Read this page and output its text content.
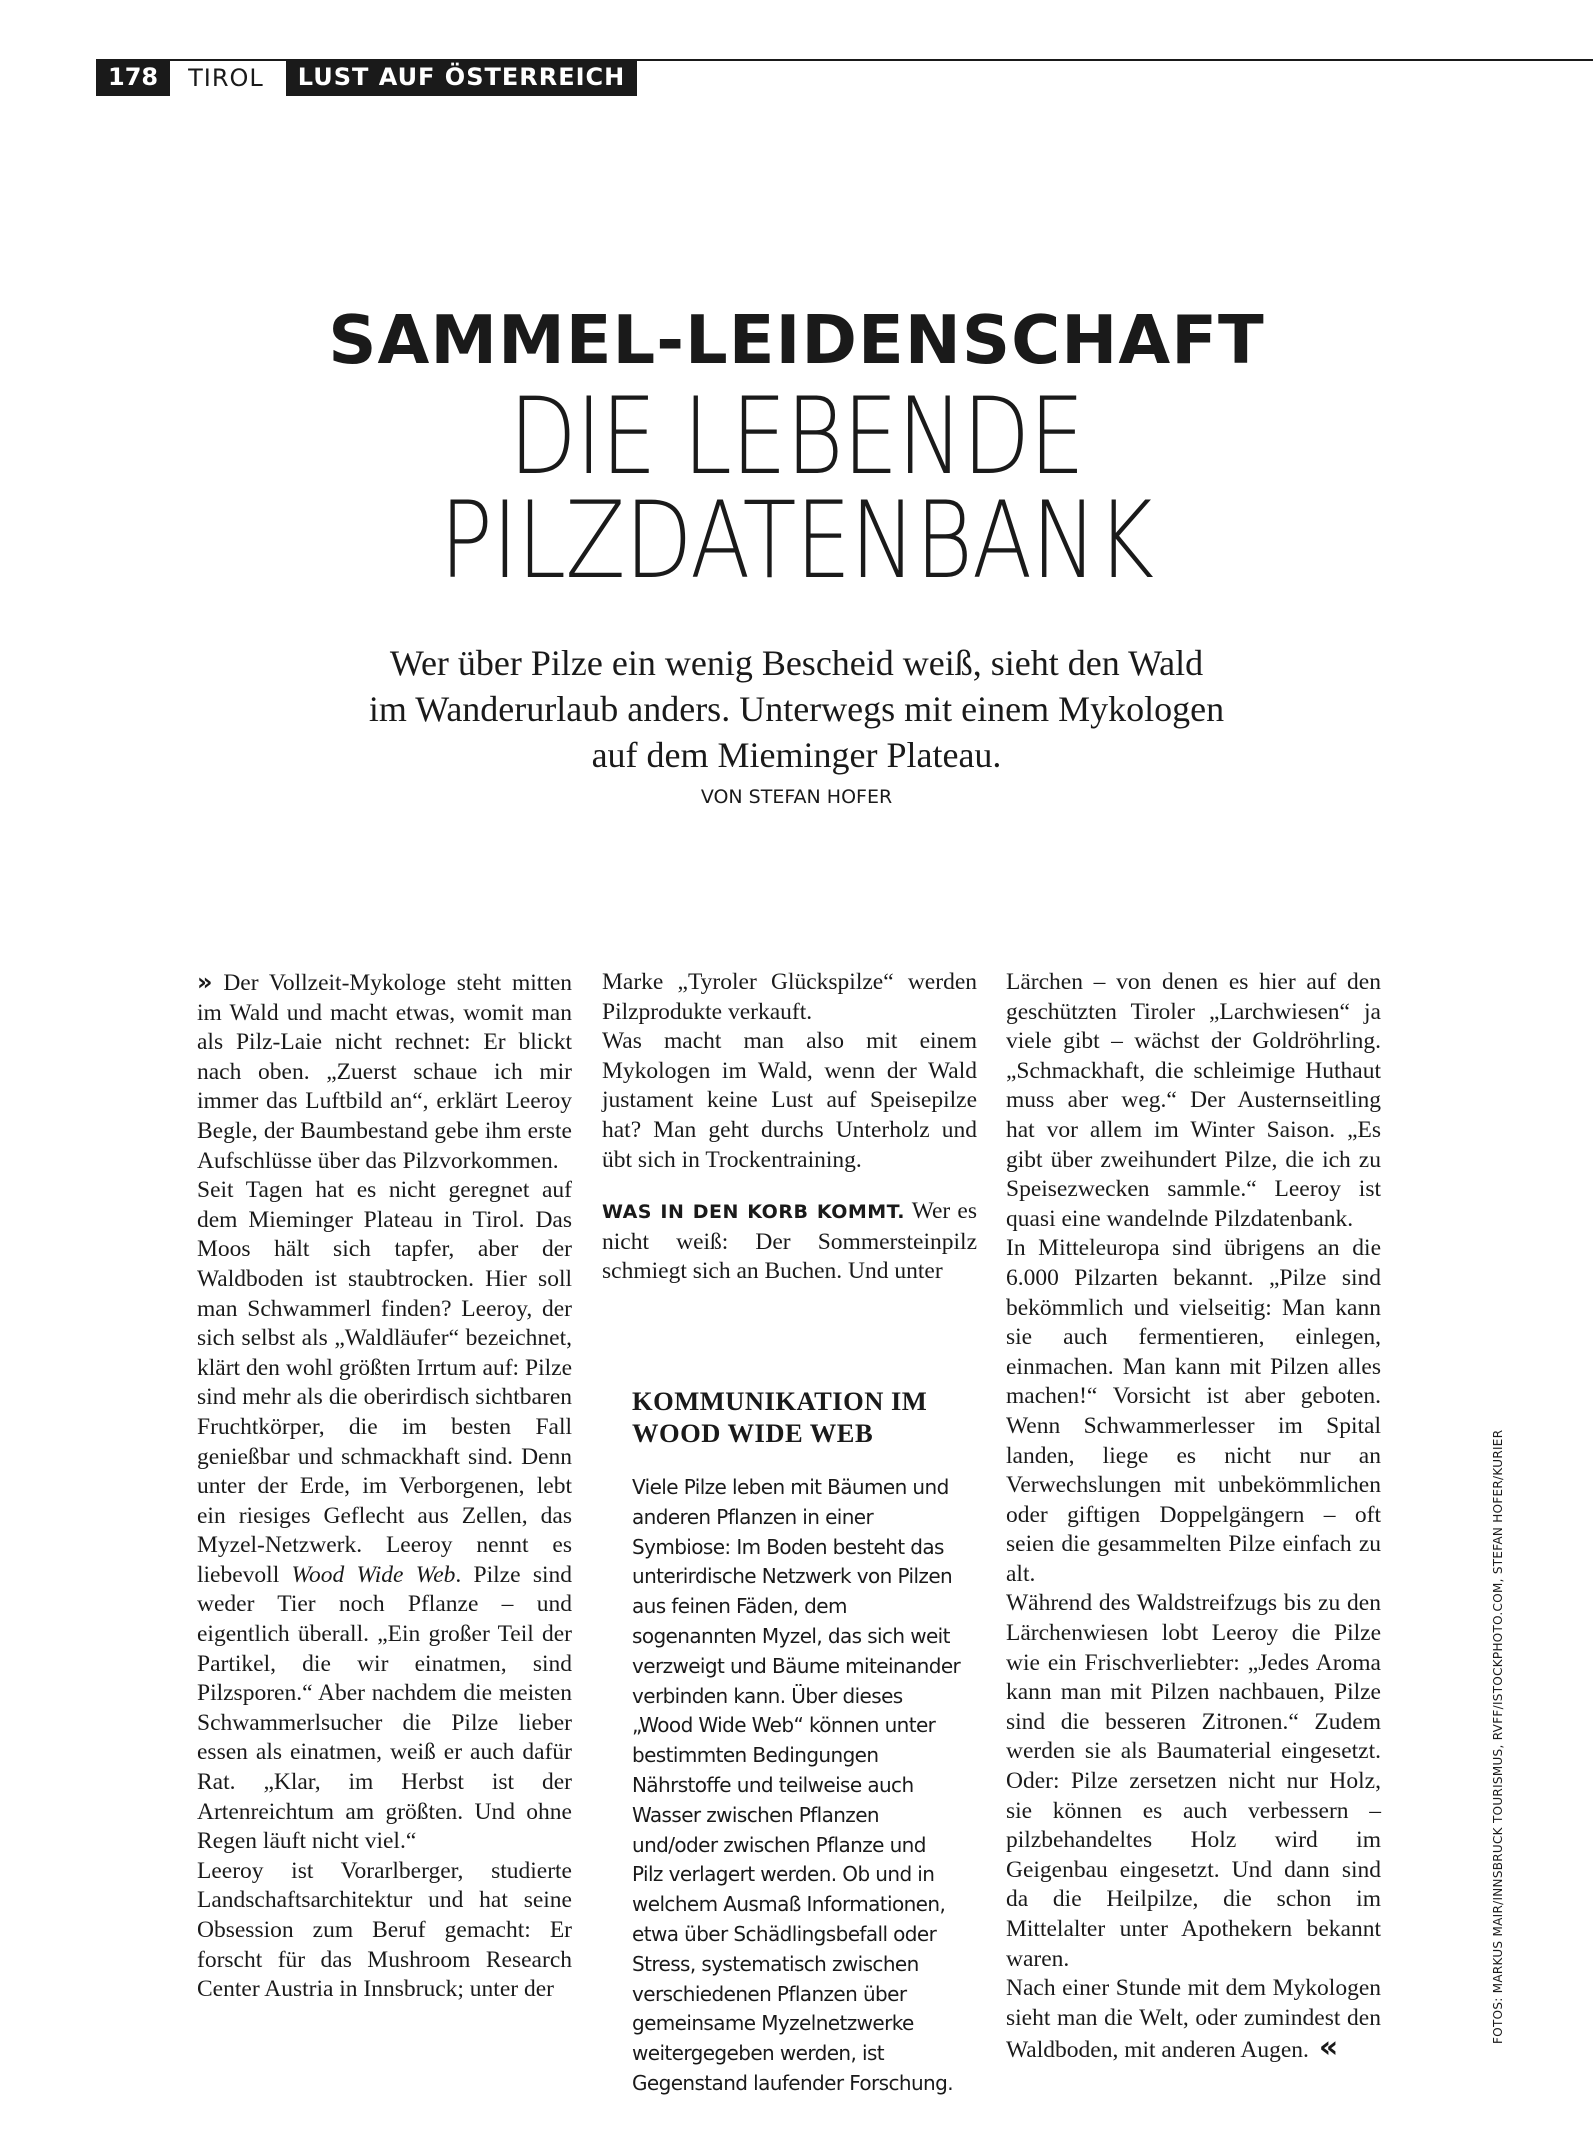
178	TIROL	LUST AUF ÖSTERREICH
SAMMEL-LEIDENSCHAFT
DIE LEBENDE
PILZDATENBANK
Wer über Pilze ein wenig Bescheid weiß, sieht den Wald
im Wanderurlaub anders. Unterwegs mit einem Mykologen
auf dem Mieminger Plateau.
VON STEFAN HOFER

» Der Vollzeit-Mykologe steht mitten im Wald und macht etwas, womit man als Pilz-Laie nicht rechnet: Er blickt nach oben. „Zuerst schaue ich mir immer das Luftbild an“, erklärt Leeroy Begle, der Baumbestand gebe ihm erste Aufschlüsse über das Pilzvorkommen.

Seit Tagen hat es nicht geregnet auf dem Mieminger Plateau in Tirol. Das Moos hält sich tapfer, aber der Waldboden ist staubtrocken. Hier soll man Schwammerl finden? Leeroy, der sich selbst als „Waldläufer“ bezeichnet, klärt den wohl größten Irrtum auf: Pilze sind mehr als die oberirdisch sichtbaren Fruchtkörper, die im besten Fall genießbar und schmackhaft sind. Denn unter der Erde, im Verborgenen, lebt ein riesiges Geflecht aus Zellen, das Myzel-Netzwerk. Leeroy nennt es liebevoll Wood Wide Web. Pilze sind weder Tier noch Pflanze – und eigentlich überall. „Ein großer Teil der Partikel, die wir einatmen, sind Pilzsporen.“ Aber nachdem die meisten Schwammerlsucher die Pilze lieber essen als einatmen, weiß er auch dafür Rat. „Klar, im Herbst ist der Artenreichtum am größten. Und ohne Regen läuft nicht viel.“

Leeroy ist Vorarlberger, studierte Landschaftsarchitektur und hat seine Obsession zum Beruf gemacht: Er forscht für das Mushroom Research Center Austria in Innsbruck; unter der

Marke „Tyroler Glückspilze“ werden Pilzprodukte verkauft.

Was macht man also mit einem Mykologen im Wald, wenn der Wald justament keine Lust auf Speisepilze hat? Man geht durchs Unterholz und übt sich in Trockentraining.

WAS IN DEN KORB KOMMT. Wer es nicht weiß: Der Sommersteinpilz schmiegt sich an Buchen. Und unter

KOMMUNIKATION IM
WOOD WIDE WEB
Viele Pilze leben mit Bäumen und anderen Pflanzen in einer Symbiose: Im Boden besteht das unterirdische Netzwerk von Pilzen aus feinen Fäden, dem sogenannten Myzel, das sich weit verzweigt und Bäume miteinander verbinden kann. Über dieses „Wood Wide Web“ können unter bestimmten Bedingungen Nährstoffe und teilweise auch Wasser zwischen Pflanzen und/oder zwischen Pflanze und Pilz verlagert werden. Ob und in welchem Ausmaß Informationen, etwa über Schädlingsbefall oder Stress, systematisch zwischen verschiedenen Pflanzen über gemeinsame Myzelnetzwerke weitergegeben werden, ist Gegenstand laufender Forschung.

Lärchen – von denen es hier auf den geschützten Tiroler „Larchwiesen“ ja viele gibt – wächst der Goldröhrling. „Schmackhaft, die schleimige Huthaut muss aber weg.“ Der Austernseitling hat vor allem im Winter Saison. „Es gibt über zweihundert Pilze, die ich zu Speisezwecken sammle.“ Leeroy ist quasi eine wandelnde Pilzdatenbank.

In Mitteleuropa sind übrigens an die 6.000 Pilzarten bekannt. „Pilze sind bekömmlich und vielseitig: Man kann sie auch fermentieren, einlegen, einmachen. Man kann mit Pilzen alles machen!“ Vorsicht ist aber geboten. Wenn Schwammerlesser im Spital landen, liege es nicht nur an Verwechslungen mit unbekömmlichen oder giftigen Doppelgängern – oft seien die gesammelten Pilze einfach zu alt.

Während des Waldstreifzugs bis zu den Lärchenwiesen lobt Leeroy die Pilze wie ein Frischverliebter: „Jedes Aroma kann man mit Pilzen nachbauen, Pilze sind die besseren Zitronen.“ Zudem werden sie als Baumaterial eingesetzt. Oder: Pilze zersetzen nicht nur Holz, sie können es auch verbessern – pilzbehandeltes Holz wird im Geigenbau eingesetzt. Und dann sind da die Heilpilze, die schon im Mittelalter unter Apothekern bekannt waren.

Nach einer Stunde mit dem Mykologen sieht man die Welt, oder zumindest den Waldboden, mit anderen Augen. «

FOTOS: MARKUS MAIR/INNSBRUCK TOURISMUS, RVFF/ISTOCKPHOTO.COM, STEFAN HOFER/KURIER
